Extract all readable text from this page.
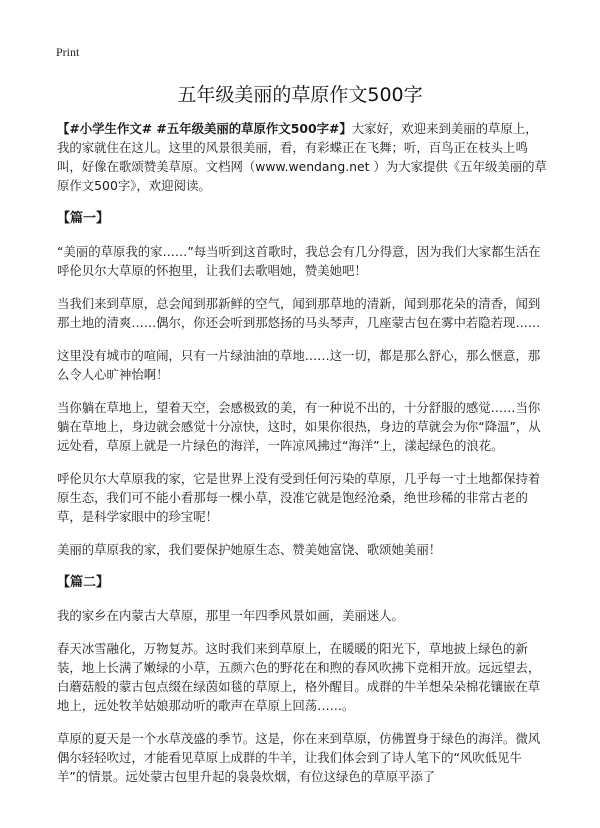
Print
五年级美丽的草原作文500字

【#小学生作文# #五年级美丽的草原作文500字#】大家好，欢迎来到美丽的草原上，我的家就住在这儿。这里的风景很美丽，看，有彩蝶正在飞舞；听，百鸟正在枝头上鸣叫，好像在歌颂赞美草原。文档网（www.wendang.net ）为大家提供《五年级美丽的草原作文500字》，欢迎阅读。

【篇一】

“美丽的草原我的家……”每当听到这首歌时，我总会有几分得意，因为我们大家都生活在呼伦贝尔大草原的怀抱里，让我们去歌唱她，赞美她吧！

当我们来到草原，总会闻到那新鲜的空气，闻到那草地的清新，闻到那花朵的清香，闻到那土地的清爽……偶尔，你还会听到那悠扬的马头琴声，几座蒙古包在雾中若隐若现……

这里没有城市的喧闹，只有一片绿油油的草地……这一切，都是那么舒心，那么惬意，那么令人心旷神怡啊！

当你躺在草地上，望着天空，会感极致的美，有一种说不出的，十分舒服的感觉……当你躺在草地上，身边就会感觉十分凉快，这时，如果你很热，身边的草就会为你“降温”，从远处看，草原上就是一片绿色的海洋，一阵凉风拂过“海洋”上，漾起绿色的浪花。

呼伦贝尔大草原我的家，它是世界上没有受到任何污染的草原，几乎每一寸土地都保持着原生态，我们可不能小看那每一棵小草，没准它就是饱经沧桑，绝世珍稀的非常古老的草，是科学家眼中的珍宝呢！

美丽的草原我的家，我们要保护她原生态、赞美她富饶、歌颂她美丽！

【篇二】

我的家乡在内蒙古大草原，那里一年四季风景如画，美丽迷人。

春天冰雪融化，万物复苏。这时我们来到草原上，在暖暖的阳光下，草地披上绿色的新装，地上长满了嫩绿的小草，五颜六色的野花在和煦的春风吹拂下竞相开放。远远望去，白蘑菇般的蒙古包点缀在绿茵如毯的草原上，格外醒目。成群的牛羊想朵朵棉花镶嵌在草地上，远处牧羊姑娘那动听的歌声在草原上回荡……。

草原的夏天是一个水草茂盛的季节。这是，你在来到草原，仿佛置身于绿色的海洋。微风偶尔轻轻吹过，才能看见草原上成群的牛羊，让我们体会到了诗人笔下的“风吹低见牛羊”的情景。远处蒙古包里升起的袅袅炊烟，有位这绿色的草原平添了
